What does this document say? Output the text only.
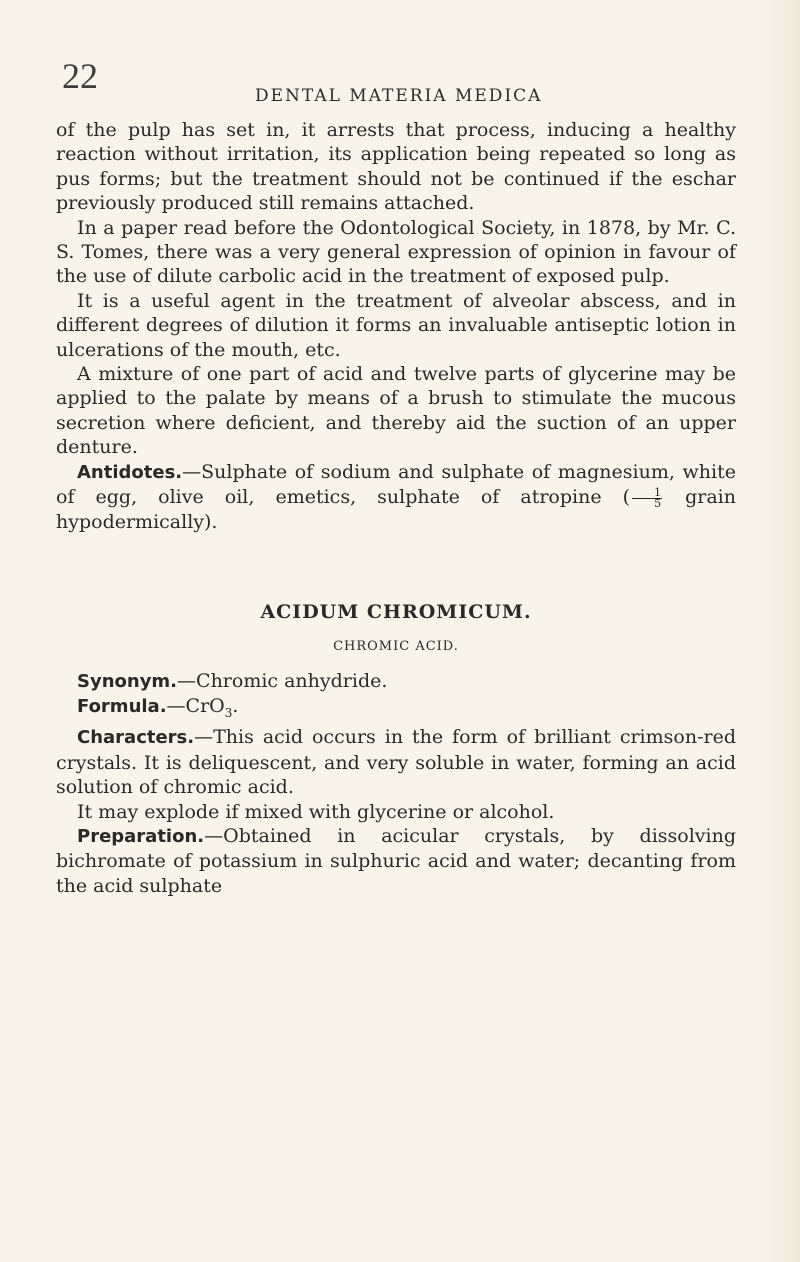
22	DENTAL MATERIA MEDICA

of the pulp has set in, it arrests that process, inducing a healthy reaction without irritation, its application being repeated so long as pus forms; but the treatment should not be continued if the eschar previously produced still remains attached.

In a paper read before the Odontological Society, in 1878, by Mr. C. S. Tomes, there was a very general expression of opinion in favour of the use of dilute carbolic acid in the treatment of exposed pulp.

It is a useful agent in the treatment of alveolar abscess, and in different degrees of dilution it forms an invaluable antiseptic lotion in ulcerations of the mouth, etc.

A mixture of one part of acid and twelve parts of glycerine may be applied to the palate by means of a brush to stimulate the mucous secretion where deficient, and thereby aid the suction of an upper denture.

Antidotes.—Sulphate of sodium and sulphate of magnesium, white of egg, olive oil, emetics, sulphate of atropine ( $\frac{1}{5}$ grain hypodermically).

ACIDUM CHROMICUM.

CHROMIC ACID.

Synonym.—Chromic anhydride.

Formula.—CrO$_3$.

Characters.—This acid occurs in the form of brilliant crimson-red crystals. It is deliquescent, and very soluble in water, forming an acid solution of chromic acid.

It may explode if mixed with glycerine or alcohol.

Preparation.—Obtained in acicular crystals, by dissolving bichromate of potassium in sulphuric acid and water; decanting from the acid sulphate
